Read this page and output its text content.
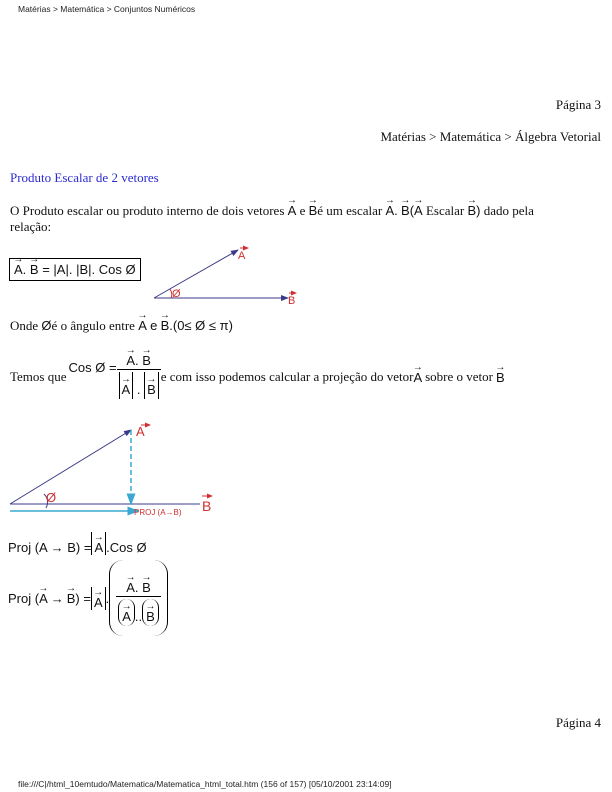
Matérias > Matemática > Conjuntos Numéricos
Página 3
Matérias > Matemática > Álgebra Vetorial
Produto Escalar de 2 vetores
O Produto escalar ou produto interno de dois vetores → A e → Bé um escalar → A. → B(→ A Escalar → B) dado pela
relação:
→ A. → B = |A|. |B|. Cos Ø
Ø
A
B
Onde Øé o ângulo entre → A e → B.(0≤ Ø ≤ π)
Temos que
Cos Ø = → A. → B
→ A . → B e com isso podemos calcular a projeção do vetor → A sobre o vetor → B
Ø
A
B
PROJ (A→B)
Proj (A → B) = → A .Cos Ø
Proj ( → A → → B ) = → A . → A. → B
→ A .. → B
Página 4
file:///C|/html_10emtudo/Matematica/Matematica_html_total.htm (156 of 157) [05/10/2001 23:14:09]
